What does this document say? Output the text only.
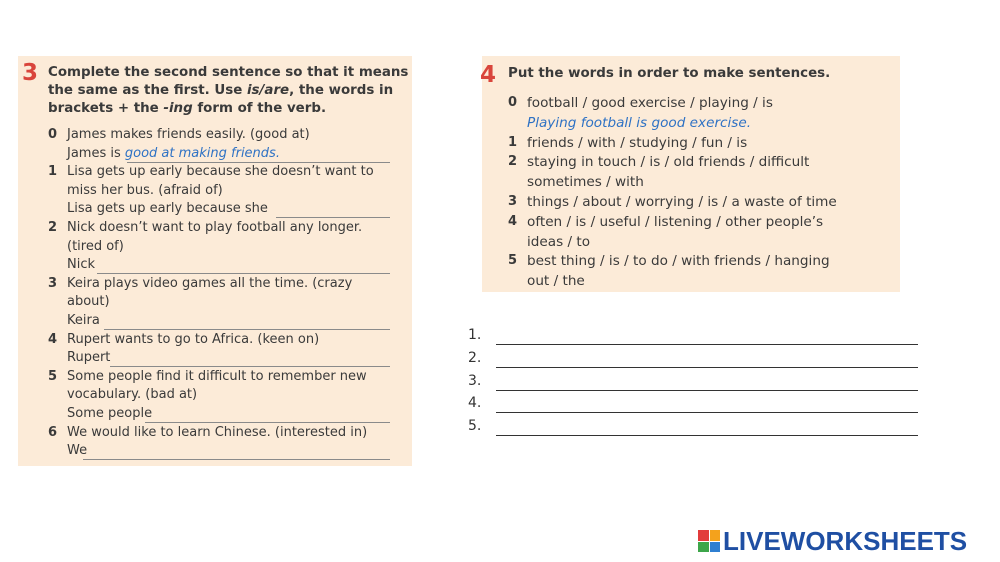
3 Complete the second sentence so that it means
the same as the first. Use is/are, the words in
brackets + the -ing form of the verb.
0 James makes friends easily. (good at)
James is good at making friends.
1 Lisa gets up early because she doesn’t want to
miss her bus. (afraid of)
Lisa gets up early because she
2 Nick doesn’t want to play football any longer.
(tired of)
Nick
3 Keira plays video games all the time. (crazy
about)
Keira
4 Rupert wants to go to Africa. (keen on)
Rupert
5 Some people find it difficult to remember new
vocabulary. (bad at)
Some people
6 We would like to learn Chinese. (interested in)
We
4 Put the words in order to make sentences.
0 football / good exercise / playing / is
Playing football is good exercise.
1 friends / with / studying / fun / is
2 staying in touch / is / old friends / difficult
sometimes / with
3 things / about / worrying / is / a waste of time
4 often / is / useful / listening / other people’s
ideas / to
5 best thing / is / to do / with friends / hanging
out / the
1.
2.
3.
4.
5.
LIVEWORKSHEETS
